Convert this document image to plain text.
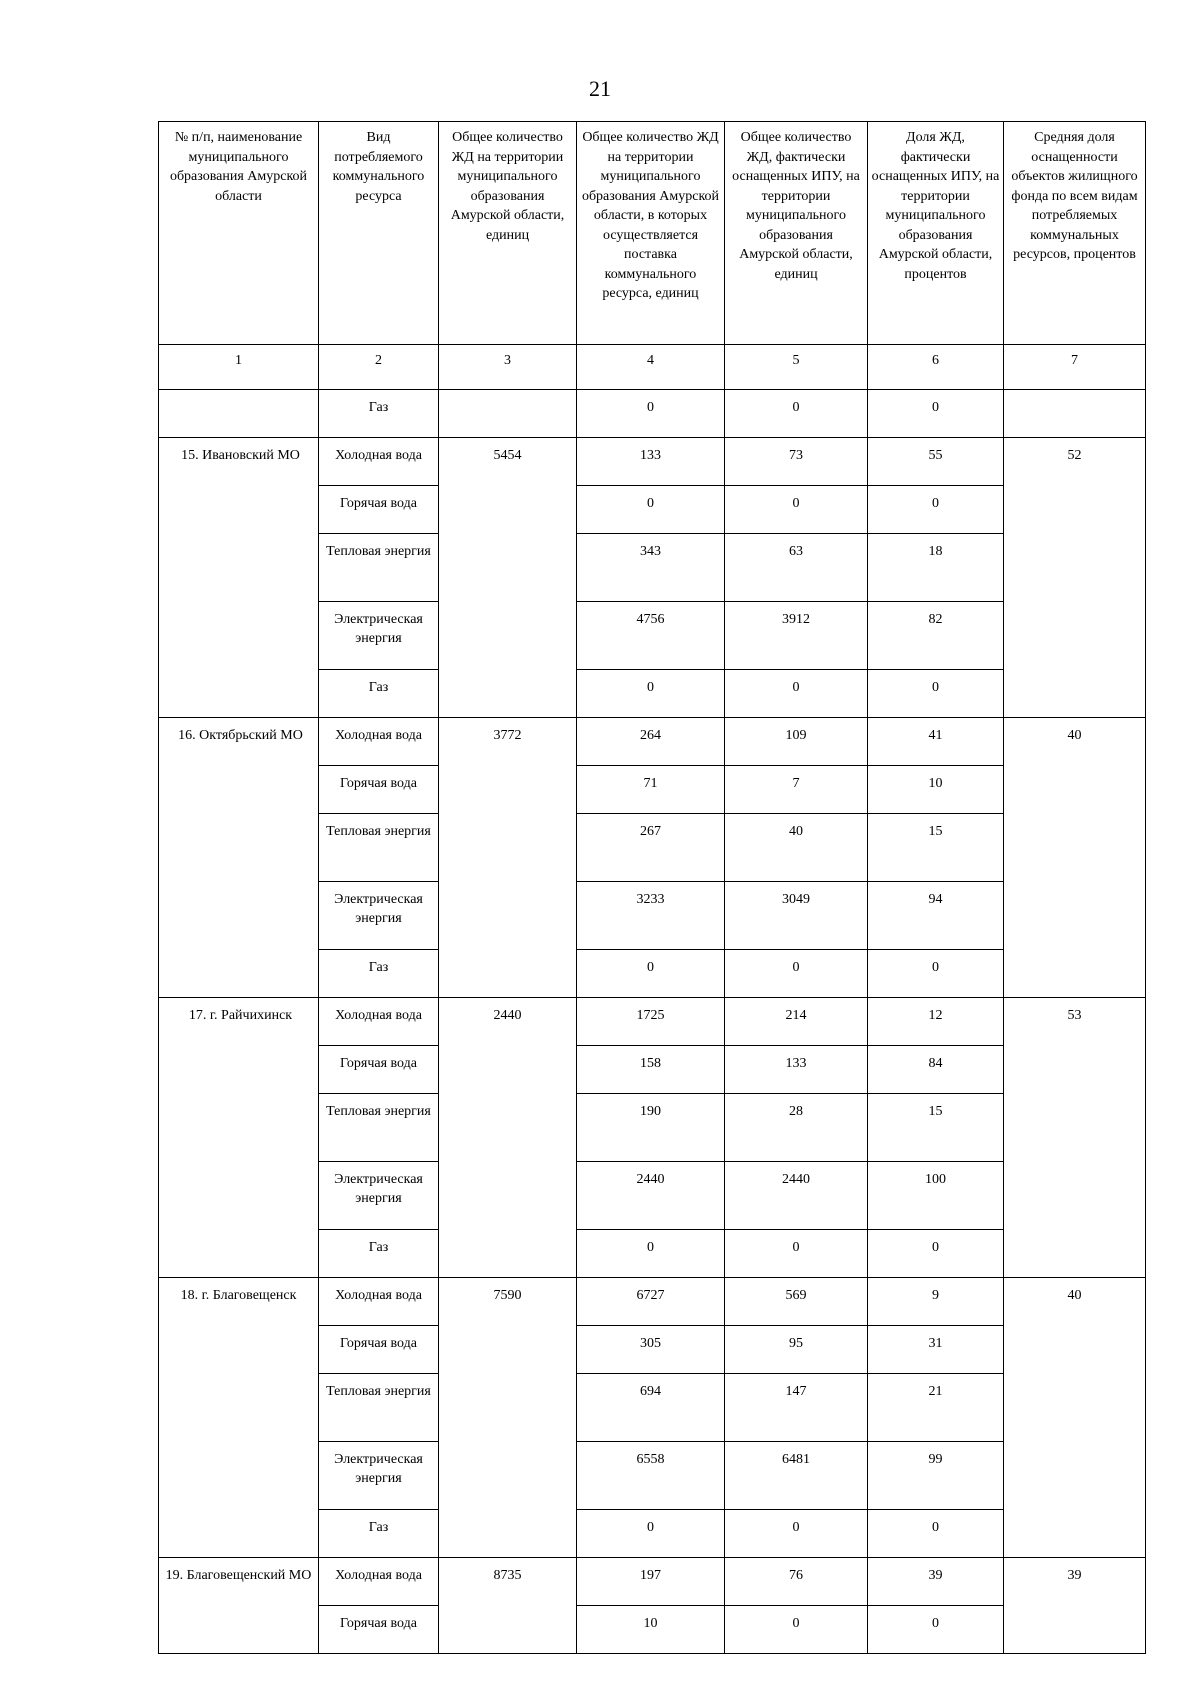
21
№ п/п, наименование муниципального образования Амурской области	Вид потребляемого коммунального ресурса	Общее количество ЖД на территории муниципального образования Амурской области, единиц	Общее количество ЖД на территории муниципального образования Амурской области, в которых осуществляется поставка коммунального ресурса, единиц	Общее количество ЖД, фактически оснащенных ИПУ, на территории муниципального образования Амурской области, единиц	Доля ЖД, фактически оснащенных ИПУ, на территории муниципального образования Амурской области, процентов	Средняя доля оснащенности объектов жилищного фонда по всем видам потребляемых коммунальных ресурсов, процентов
1	2	3	4	5	6	7
	Газ		0	0	0	
15. Ивановский МО	Холодная вода	5454	133	73	55	52
	Горячая вода		0	0	0	
	Тепловая энергия		343	63	18	
	Электрическая энергия		4756	3912	82	
	Газ		0	0	0	
16. Октябрьский МО	Холодная вода	3772	264	109	41	40
	Горячая вода		71	7	10	
	Тепловая энергия		267	40	15	
	Электрическая энергия		3233	3049	94	
	Газ		0	0	0	
17. г. Райчихинск	Холодная вода	2440	1725	214	12	53
	Горячая вода		158	133	84	
	Тепловая энергия		190	28	15	
	Электрическая энергия		2440	2440	100	
	Газ		0	0	0	
18. г. Благовещенск	Холодная вода	7590	6727	569	9	40
	Горячая вода		305	95	31	
	Тепловая энергия		694	147	21	
	Электрическая энергия		6558	6481	99	
	Газ		0	0	0	
19. Благовещенский МО	Холодная вода	8735	197	76	39	39
	Горячая вода		10	0	0	
